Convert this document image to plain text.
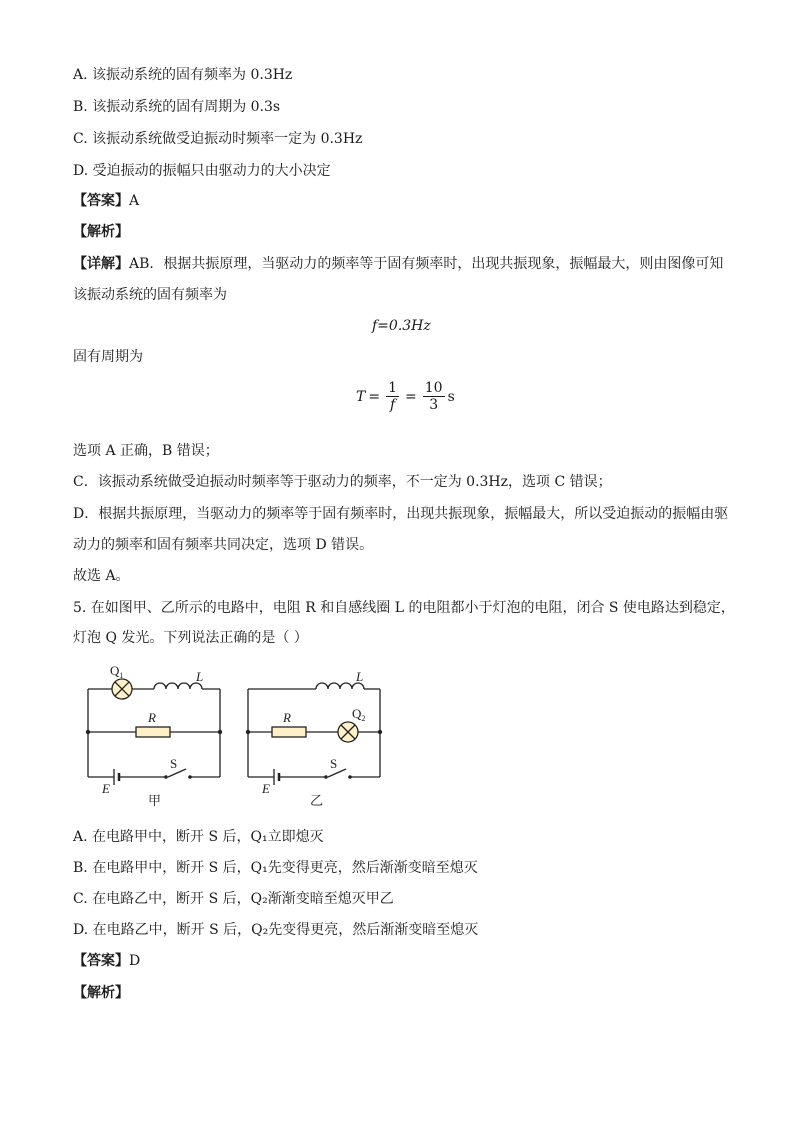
A. 该振动系统的固有频率为 0.3Hz
B. 该振动系统的固有周期为 0.3s
C. 该振动系统做受迫振动时频率一定为 0.3Hz
D. 受迫振动的振幅只由驱动力的大小决定
【答案】A
【解析】
【详解】AB．根据共振原理，当驱动力的频率等于固有频率时，出现共振现象，振幅最大，则由图像可知
该振动系统的固有频率为
f=0.3Hz
固有周期为
$T = \frac{1}{f} = \frac{10}{3}$ s
选项 A 正确，B 错误；
C．该振动系统做受迫振动时频率等于驱动力的频率，不一定为 0.3Hz，选项 C 错误；
D．根据共振原理，当驱动力的频率等于固有频率时，出现共振现象，振幅最大，所以受迫振动的振幅由驱
动力的频率和固有频率共同决定，选项 D 错误。
故选 A。
5. 在如图甲、乙所示的电路中，电阻 R 和自感线圈 L 的电阻都小于灯泡的电阻，闭合 S 使电路达到稳定，
灯泡 Q 发光。下列说法正确的是（ ）
$Q_1$	L
R
S
E
甲
L
R	$Q_2$
S
E
乙
A. 在电路甲中，断开 S 后，Q₁立即熄灭
B. 在电路甲中，断开 S 后，Q₁先变得更亮，然后渐渐变暗至熄灭
C. 在电路乙中，断开 S 后，Q₂渐渐变暗至熄灭甲乙
D. 在电路乙中，断开 S 后，Q₂先变得更亮，然后渐渐变暗至熄灭
【答案】D
【解析】
